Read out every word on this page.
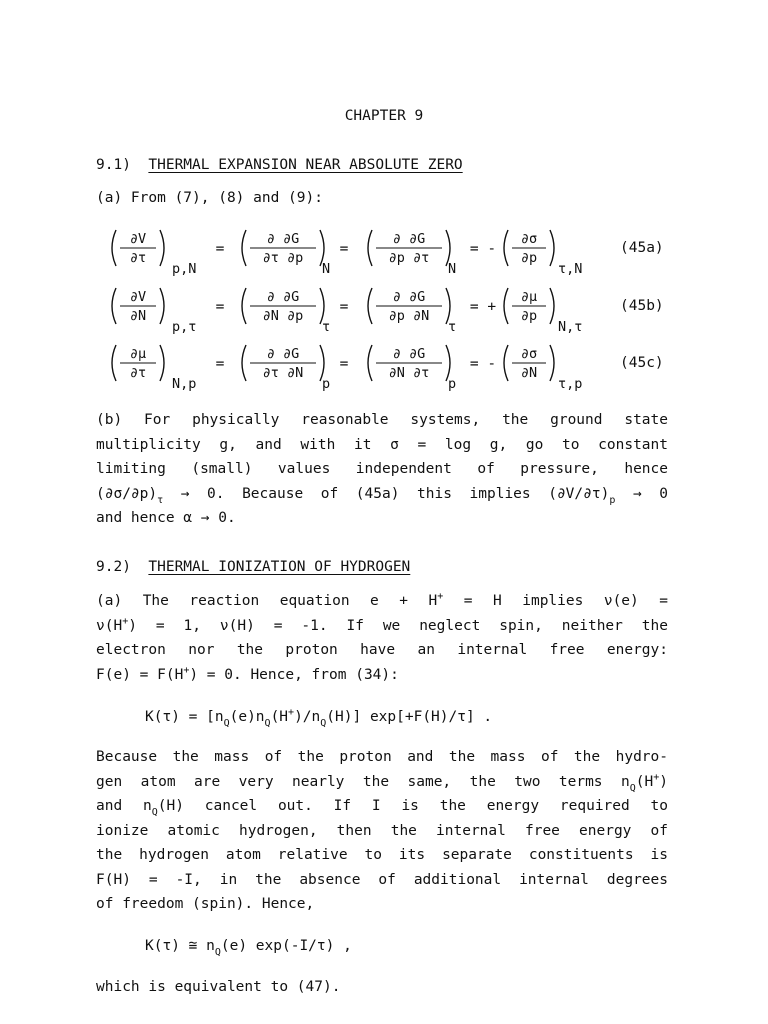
CHAPTER 9
9.1) THERMAL EXPANSION NEAR ABSOLUTE ZERO
(a) From (7), (8) and (9):
∂V
∂τ
p,N
=
∂ ∂G
∂τ ∂p
N
=
∂ ∂G
∂p ∂τ
N
= -
∂σ
∂p
τ,N
(45a)
∂V
∂N
p,τ
=
∂ ∂G
∂N ∂p
τ
=
∂ ∂G
∂p ∂N
τ
= +
∂μ
∂p
N,τ
(45b)
∂μ
∂τ
N,p
=
∂ ∂G
∂τ ∂N
p
=
∂ ∂G
∂N ∂τ
p
= -
∂σ
∂N
τ,p
(45c)
(b) For physically reasonable systems, the ground state
multiplicity g, and with it σ = log g, go to constant
limiting (small) values independent of pressure, hence
$(\partial\sigma/\partial p)_\tau \to 0$. Because of (45a) this implies $(\partial V/\partial\tau)_p \to 0$
and hence α → 0.
9.2) THERMAL IONIZATION OF HYDROGEN
(a) The reaction equation e + H+ = H implies ν(e) =
ν(H+) = 1, ν(H) = -1. If we neglect spin, neither the
electron nor the proton have an internal free energy:
F(e) = F(H+) = 0. Hence, from (34):
$K(\tau) = [n_Q(e)n_Q(H^+)/n_Q(H)]$ exp[+F(H)/τ] .
Because the mass of the proton and the mass of the hydro-
gen atom are very nearly the same, the two terms $n_Q(H^+)$
and $n_Q(H)$ cancel out. If I is the energy required to
ionize atomic hydrogen, then the internal free energy of
the hydrogen atom relative to its separate constituents is
F(H) = -I, in the absence of additional internal degrees
of freedom (spin). Hence,
K(τ) ≅ $n_Q(e)$ exp(-I/τ) ,
which is equivalent to (47).
